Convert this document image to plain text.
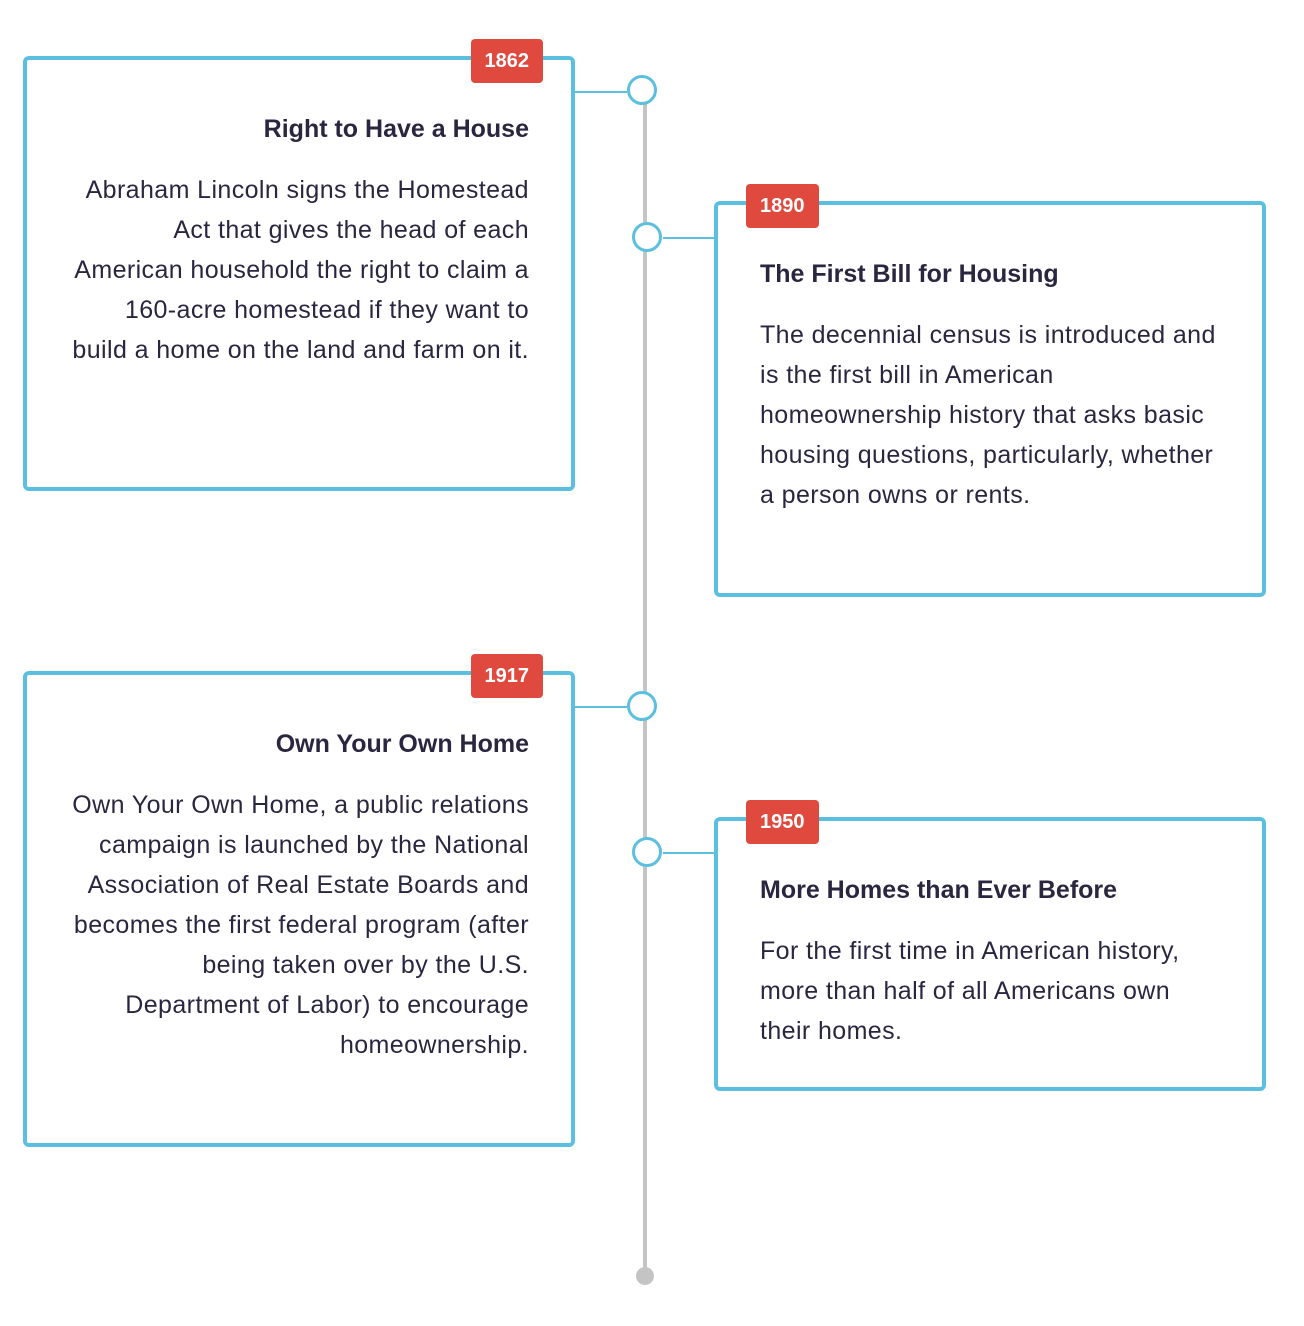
1862
Right to Have a House

Abraham Lincoln signs the Homestead Act that gives the head of each American household the right to claim a 160-acre homestead if they want to build a home on the land and farm on it.

1890
The First Bill for Housing

The decennial census is introduced and is the first bill in American homeownership history that asks basic housing questions, particularly, whether a person owns or rents.

1917
Own Your Own Home

Own Your Own Home, a public relations campaign is launched by the National Association of Real Estate Boards and becomes the first federal program (after being taken over by the U.S. Department of Labor) to encourage homeownership.

1950
More Homes than Ever Before

For the first time in American history, more than half of all Americans own their homes.
